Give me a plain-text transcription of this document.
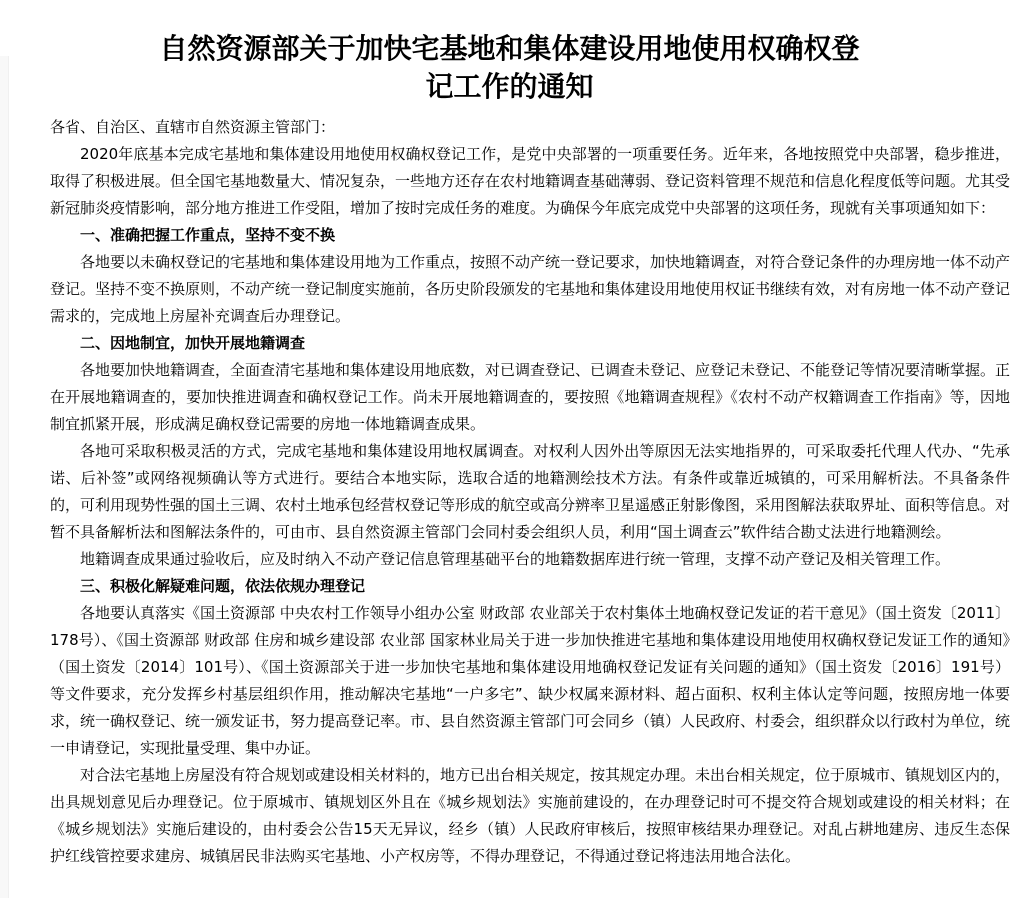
自然资源部关于加快宅基地和集体建设用地使用权确权登记工作的通知

各省、自治区、直辖市自然资源主管部门：

2020年底基本完成宅基地和集体建设用地使用权确权登记工作，是党中央部署的一项重要任务。近年来，各地按照党中央部署，稳步推进，取得了积极进展。但全国宅基地数量大、情况复杂，一些地方还存在农村地籍调查基础薄弱、登记资料管理不规范和信息化程度低等问题。尤其受新冠肺炎疫情影响，部分地方推进工作受阻，增加了按时完成任务的难度。为确保今年底完成党中央部署的这项任务，现就有关事项通知如下：

一、准确把握工作重点，坚持不变不换

各地要以未确权登记的宅基地和集体建设用地为工作重点，按照不动产统一登记要求，加快地籍调查，对符合登记条件的办理房地一体不动产登记。坚持不变不换原则，不动产统一登记制度实施前，各历史阶段颁发的宅基地和集体建设用地使用权证书继续有效，对有房地一体不动产登记需求的，完成地上房屋补充调查后办理登记。

二、因地制宜，加快开展地籍调查

各地要加快地籍调查，全面查清宅基地和集体建设用地底数，对已调查登记、已调查未登记、应登记未登记、不能登记等情况要清晰掌握。正在开展地籍调查的，要加快推进调查和确权登记工作。尚未开展地籍调查的，要按照《地籍调查规程》《农村不动产权籍调查工作指南》等，因地制宜抓紧开展，形成满足确权登记需要的房地一体地籍调查成果。

各地可采取积极灵活的方式，完成宅基地和集体建设用地权属调查。对权利人因外出等原因无法实地指界的，可采取委托代理人代办、“先承诺、后补签”或网络视频确认等方式进行。要结合本地实际，选取合适的地籍测绘技术方法。有条件或靠近城镇的，可采用解析法。不具备条件的，可利用现势性强的国土三调、农村土地承包经营权登记等形成的航空或高分辨率卫星遥感正射影像图，采用图解法获取界址、面积等信息。对暂不具备解析法和图解法条件的，可由市、县自然资源主管部门会同村委会组织人员，利用“国土调查云”软件结合勘丈法进行地籍测绘。

地籍调查成果通过验收后，应及时纳入不动产登记信息管理基础平台的地籍数据库进行统一管理，支撑不动产登记及相关管理工作。

三、积极化解疑难问题，依法依规办理登记

各地要认真落实《国土资源部 中央农村工作领导小组办公室 财政部 农业部关于农村集体土地确权登记发证的若干意见》（国土资发〔2011〕178号）、《国土资源部 财政部 住房和城乡建设部 农业部 国家林业局关于进一步加快推进宅基地和集体建设用地使用权确权登记发证工作的通知》（国土资发〔2014〕101号）、《国土资源部关于进一步加快宅基地和集体建设用地确权登记发证有关问题的通知》（国土资发〔2016〕191号）等文件要求，充分发挥乡村基层组织作用，推动解决宅基地“一户多宅”、缺少权属来源材料、超占面积、权利主体认定等问题，按照房地一体要求，统一确权登记、统一颁发证书，努力提高登记率。市、县自然资源主管部门可会同乡（镇）人民政府、村委会，组织群众以行政村为单位，统一申请登记，实现批量受理、集中办证。

对合法宅基地上房屋没有符合规划或建设相关材料的，地方已出台相关规定，按其规定办理。未出台相关规定，位于原城市、镇规划区内的，出具规划意见后办理登记。位于原城市、镇规划区外且在《城乡规划法》实施前建设的，在办理登记时可不提交符合规划或建设的相关材料；在《城乡规划法》实施后建设的，由村委会公告15天无异议，经乡（镇）人民政府审核后，按照审核结果办理登记。对乱占耕地建房、违反生态保护红线管控要求建房、城镇居民非法购买宅基地、小产权房等，不得办理登记，不得通过登记将违法用地合法化。
